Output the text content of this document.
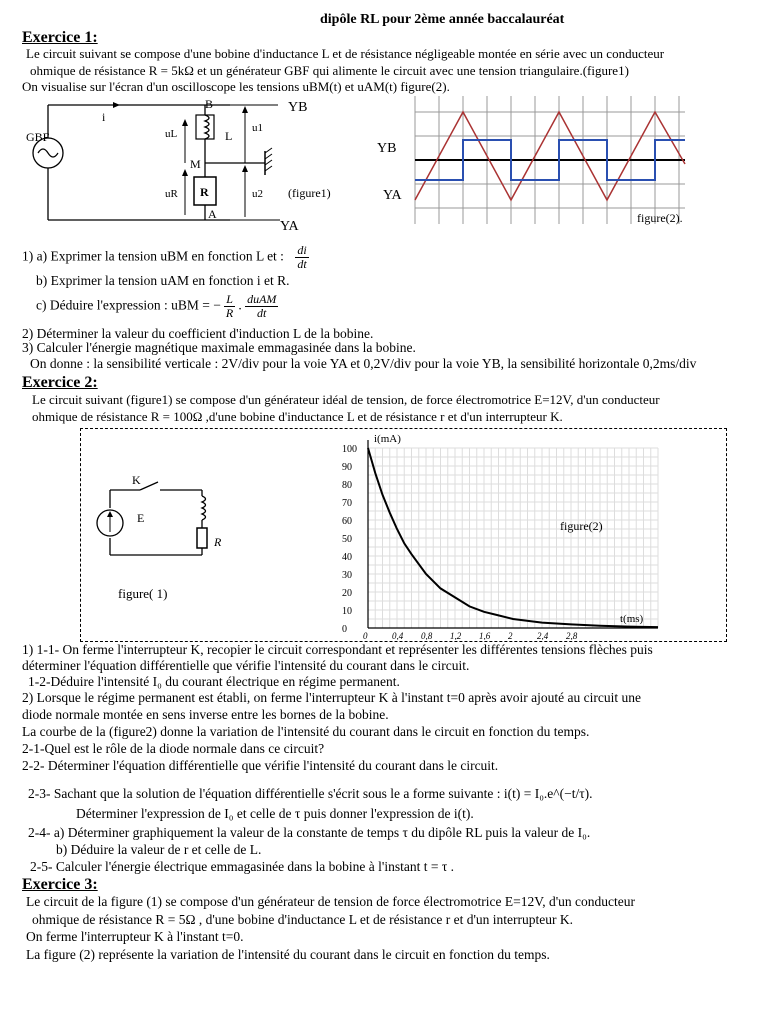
dipôle RL pour 2ème année baccalauréat
Exercice 1:
Le circuit suivant se compose d'une bobine d'inductance L et de résistance négligeable montée en série avec un conducteur
ohmique de résistance R = 5kΩ et un générateur GBF qui alimente le circuit avec une tension triangulaire.(figure1)
On visualise sur l'écran d'un oscilloscope les tensions uBM(t) et uAM(t) figure(2).
GBF
i
B
M
A
YB
YA
uL
uR
u1
u2
L
R	(figure1)
YB
YA
figure(2).
1) a) Exprimer la tension uBM en fonction L et : $\frac{di}{dt}$
b) Exprimer la tension uAM en fonction i et R.
c) Déduire l'expression : uBM = − $\frac{L}{R}$ . $\frac{\text{duAM}}{dt}$
2) Déterminer la valeur du coefficient d'induction L de la bobine.
3) Calculer l'énergie magnétique maximale emmagasinée dans la bobine.
On donne : la sensibilité verticale : 2V/div pour la voie YA et 0,2V/div pour la voie YB, la sensibilité horizontale 0,2ms/div
Exercice 2:
Le circuit suivant (figure1) se compose d'un générateur idéal de tension, de force électromotrice E=12V, d'un conducteur
ohmique de résistance R = 100Ω ,d'une bobine d'inductance L et de résistance r et d'un interrupteur K.
K
E
R
figure( 1)
100
90
80
70
60
50
40
30
20
10
0
0	0,4 0,8 1,2 1,6 2	2,4 2,8
i(mA)
t(ms)
figure(2)
1) 1-1- On ferme l'interrupteur K, recopier le circuit correspondant et représenter les différentes tensions flèches puis
déterminer l'équation différentielle que vérifie l'intensité du courant dans le circuit.
1-2-Déduire l'intensité I₀ du courant électrique en régime permanent.
2) Lorsque le régime permanent est établi, on ferme l'interrupteur K à l'instant t=0 après avoir ajouté au circuit une
diode normale montée en sens inverse entre les bornes de la bobine.
La courbe de la (figure2) donne la variation de l'intensité du courant dans le circuit en fonction du temps.
2-1-Quel est le rôle de la diode normale dans ce circuit?
2-2- Déterminer l'équation différentielle que vérifie l'intensité du courant dans le circuit.
2-3- Sachant que la solution de l'équation différentielle s'écrit sous le a forme suivante : i(t) = I₀.e^(−t/τ).
Déterminer l'expression de I₀ et celle de τ puis donner l'expression de i(t).
2-4- a) Déterminer graphiquement la valeur de la constante de temps τ du dipôle RL puis la valeur de I₀.
b) Déduire la valeur de r et celle de L.
2-5- Calculer l'énergie électrique emmagasinée dans la bobine à l'instant t = τ .
Exercice 3:
Le circuit de la figure (1) se compose d'un générateur de tension de force électromotrice E=12V, d'un conducteur
ohmique de résistance R = 5Ω , d'une bobine d'inductance L et de résistance r et d'un interrupteur K.
On ferme l'interrupteur K à l'instant t=0.
La figure (2) représente la variation de l'intensité du courant dans le circuit en fonction du temps.
